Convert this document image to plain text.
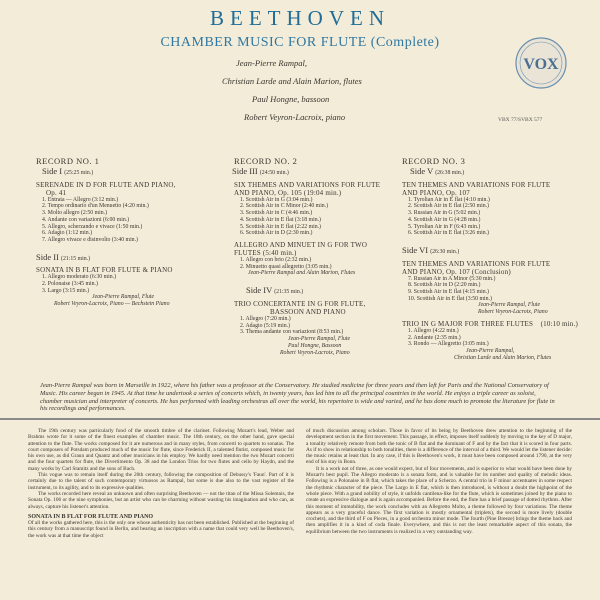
BEETHOVEN
CHAMBER MUSIC FOR FLUTE (Complete)
VOX
Jean-Pierre Rampal,
Christian Larde and Alain Marion, flutes
Paul Hongne, bassoon
Robert Veyron-Lacroix, piano	VBX 77/SVBX 577
RECORD NO. 1
Side I (25:25 min.)
SERENADE IN D FOR FLUTE AND PIANO,
Op. 41
1. Entrata — Allegro (3:12 min.)
2. Tempo ordinario d'un Menuetto (4:20 min.)
3. Molto allegro (2:50 min.)
4. Andante con variazioni (6:00 min.)
5. Allegro, scherzando e vivace (1:50 min.)
6. Adagio (1:12 min.)
7. Allegro vivace e disinvolto (3:40 min.)
Side II (21:15 min.)
SONATA IN B FLAT FOR FLUTE & PIANO
1. Allegro moderato (6:30 min.)
2. Polonaise (3:45 min.)
3. Largo (3:15 min.)
Jean-Pierre Rampal, Flute
Robert Veyron-Lacroix, Piano — Bechstein Piano
RECORD NO. 2
Side III (24:50 min.)
SIX THEMES AND VARIATIONS FOR FLUTE
AND PIANO, Op. 105 (19:04 min.)
1. Scottish Air in G (3:04 min.)
2. Scottish Air in C Minor (2:40 min.)
3. Scottish Air in C (4:46 min.)
4. Scottish Air in E flat (3:18 min.)
5. Scottish Air in E flat (2:22 min.)
6. Scottish Air in D (2:30 min.)
ALLEGRO AND MINUET IN G FOR TWO
FLUTES (5:40 min.)
1. Allegro con brio (2:32 min.)
2. Minuetto quasi allegretto (3:05 min.)
Jean-Pierre Rampal and Alain Marion, Flutes
Side IV (21:35 min.)
TRIO CONCERTANTE IN G FOR FLUTE,
BASSOON AND PIANO
1. Allegro (7:20 min.)
2. Adagio (5:19 min.)
3. Thema andante con variazioni (8:53 min.)
Jean-Pierre Rampal, Flute
Paul Hongne, Bassoon
Robert Veyron-Lacroix, Piano
RECORD NO. 3
Side V (26:38 min.)
TEN THEMES AND VARIATIONS FOR FLUTE
AND PIANO, Op. 107
1. Tyrolian Air in E flat (4:10 min.)
2. Scottish Air in E flat (2:50 min.)
3. Russian Air in G (5:02 min.)
4. Scottish Air in G (4:28 min.)
5. Tyrolian Air in F (6:43 min.)
6. Scottish Air in E flat (3:26 min.)
Side VI (26:30 min.)
TEN THEMES AND VARIATIONS FOR FLUTE
AND PIANO, Op. 107 (Conclusion)
7. Russian Air in A Minor (5:30 min.)
8. Scottish Air in D (2:20 min.)
9. Scottish Air in E flat (4:15 min.)
10. Scottish Air in E flat (3:50 min.)
Jean-Pierre Rampal, Flute
Robert Veyron-Lacroix, Piano
TRIO IN G MAJOR FOR THREE FLUTES (10:10 min.)
1. Allegro (4:22 min.)
2. Andante (2:35 min.)
3. Rondo — Allegretto (3:05 min.)
Jean-Pierre Rampal,
Christian Larde and Alain Marion, Flutes
Jean-Pierre Rampal was born in Marseille in 1922, where his father was a professor at the Conservatory. He studied medicine for three years and then left for Paris and the National Conservatory of Music. His career began in 1945. At that time he undertook a series of concerts which, in twenty years, has led him to all the principal countries in the world. He enjoys a triple career as soloist, chamber musician and interpreter of concerts. He has performed with leading orchestras all over the world, his repertoire is wide and varied, and he has done much to promote the literature for flute in his recordings and performances.

The 19th century was particularly fond of the smooth timbre of the clarinet. Following Mozart's lead, Weber and Brahms wrote for it some of the finest examples of chamber music. The 18th century, on the other hand, gave special attention to the flute. The works composed for it are numerous and in many styles, from concerti to quartets to sonatas. The court composers of Potsdam produced much of the music for flute, since Frederick II, a talented flutist, composed music for his own use, as did Graun and Quantz and other musicians in his employ. We hardly need mention the two Mozart concerti and the four quartets for flute, the Divertimento Op. 38 and the London Trios for two flutes and cello by Haydn, and the many works by Carl Stamitz and the sons of Bach.

This vogue was to remain itself during the 20th century, following the composition of Debussy's 'Faun'. Part of it is certainly due to the talent of such contemporary virtuosos as Rampal, but some is due also to the vast register of the instrument, to its agility, and to its expressive qualities.

The works recorded here reveal an unknown and often surprising Beethoven — not the titan of the Missa Solemnis, the Sonata Op. 106 or the nine symphonies, but an artist who can be charming without wasting his imagination and who can, as always, capture his listener's attention.

SONATA IN B FLAT FOR FLUTE AND PIANO

Of all the works gathered here, this is the only one whose authenticity has not been established. Published at the beginning of this century from a manuscript found in Berlin, and bearing an inscription with a name that could very well be Beethoven's, the work was at that time the object

of much discussion among scholars. Those in favor of its being by Beethoven drew attention to the beginning of the development section in the first movement. This passage, in effect, imposes itself suddenly by moving to the key of D major, a tonality relatively remote from both the tonic of B flat and the dominant of F and by the fact that it is scored in four parts. As if to show in relationship to both tonalities, there is a difference of the interval of a third. We would let the listener decide: the music retains at least that. In any case, if this is Beethoven's work, it must have been composed around 1790, at the very end of his stay in Bonn.

It is a work not of three, as one would expect, but of four movements, and is superior to what would have been done by Mozart's best pupil. The Allegro moderato is a sonata form, and is valuable for its number and quality of melodic ideas. Following is a Polonaise in B flat, which takes the place of a Scherzo. A central trio in F minor accentuates in some respect the rhythmic character of the piece. The Largo in E flat, which is then introduced, is without a doubt the highpoint of the whole piece. With a grand nobility of style, it unfolds cantilena-like for the flute, which is sometimes joined by the piano to create an expressive dialogue and is again accompanied. Before the end, the flute has a brief passage of dotted rhythms. After this moment of immobility, the work concludes with an Allegretto Molto, a theme followed by four variations. The theme appears as a very graceful dance. The first variation is mostly ornamental (triplets), the second is more lively (double crochets), and the third of F on Pieces, in a good orchestra minor mode. The fourth (Pine Breeze) brings the theme back and then amplifies it in a kind of coda finale. Everywhere, and this is not the least remarkable aspect of this sonata, the equilibrium between the two instruments is realized in a very outstanding way.
